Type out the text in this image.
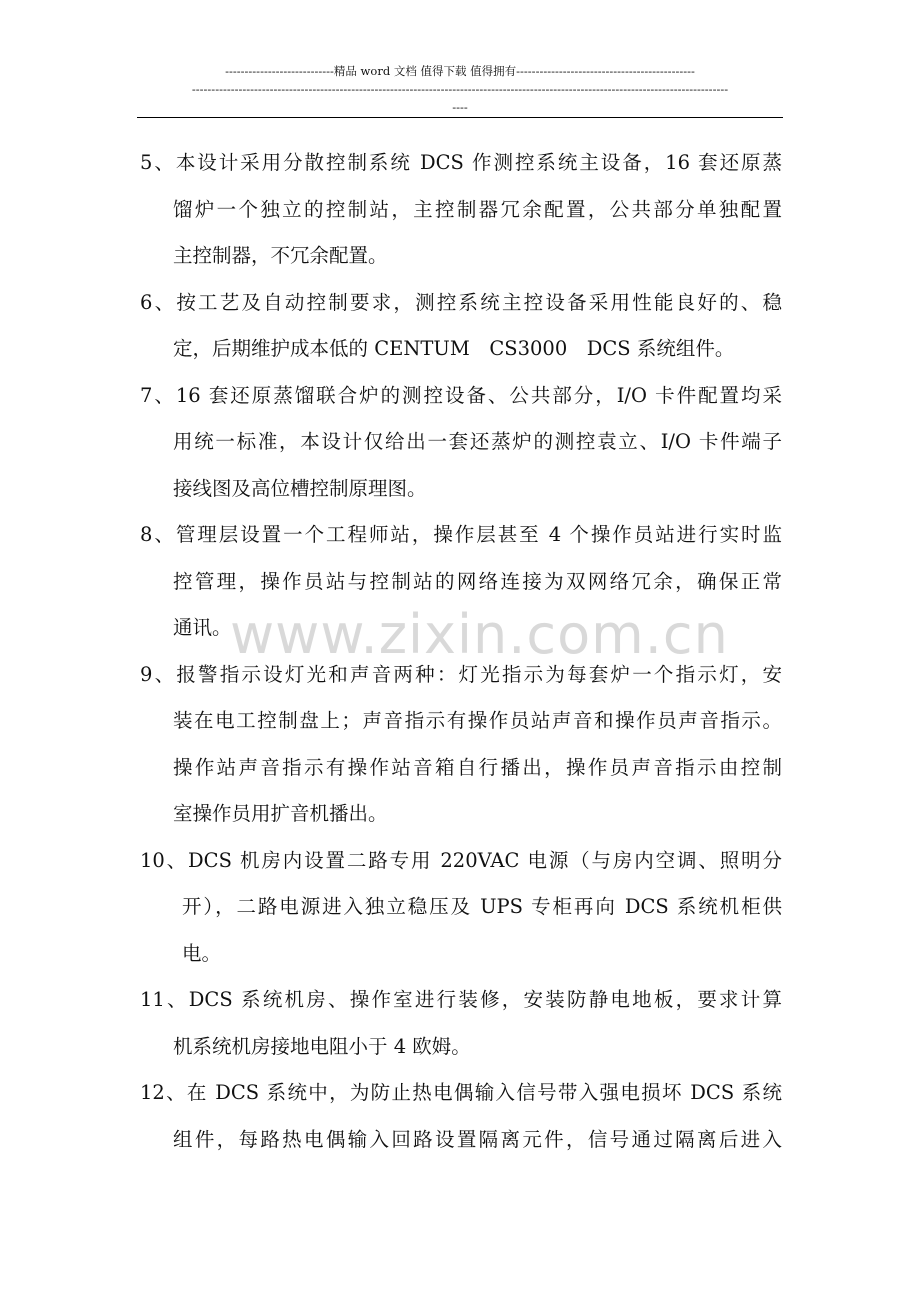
----------------------------精品 word 文档 值得下载 值得拥有----------------------------------------------
------------------------------------------------------------------------------------------------------------------------------------------
----
www.zixin.com.cn
5、本设计采用分散控制系统 DCS 作测控系统主设备，16 套还原蒸
馏炉一个独立的控制站，主控制器冗余配置，公共部分单独配置
主控制器，不冗余配置。
6、按工艺及自动控制要求，测控系统主控设备采用性能良好的、稳
定，后期维护成本低的 CENTUM　CS3000　DCS 系统组件。
7、16 套还原蒸馏联合炉的测控设备、公共部分，I/O 卡件配置均采
用统一标准，本设计仅给出一套还蒸炉的测控袁立、I/O 卡件端子
接线图及高位槽控制原理图。
8、管理层设置一个工程师站，操作层甚至 4 个操作员站进行实时监
控管理，操作员站与控制站的网络连接为双网络冗余，确保正常
通讯。
9、报警指示设灯光和声音两种：灯光指示为每套炉一个指示灯，安
装在电工控制盘上；声音指示有操作员站声音和操作员声音指示。
操作站声音指示有操作站音箱自行播出，操作员声音指示由控制
室操作员用扩音机播出。
10、DCS 机房内设置二路专用 220VAC 电源（与房内空调、照明分
开），二路电源进入独立稳压及 UPS 专柜再向 DCS 系统机柜供
电。
11、DCS 系统机房、操作室进行装修，安装防静电地板，要求计算
机系统机房接地电阻小于 4 欧姆。
12、在 DCS 系统中，为防止热电偶输入信号带入强电损坏 DCS 系统
组件，每路热电偶输入回路设置隔离元件，信号通过隔离后进入
